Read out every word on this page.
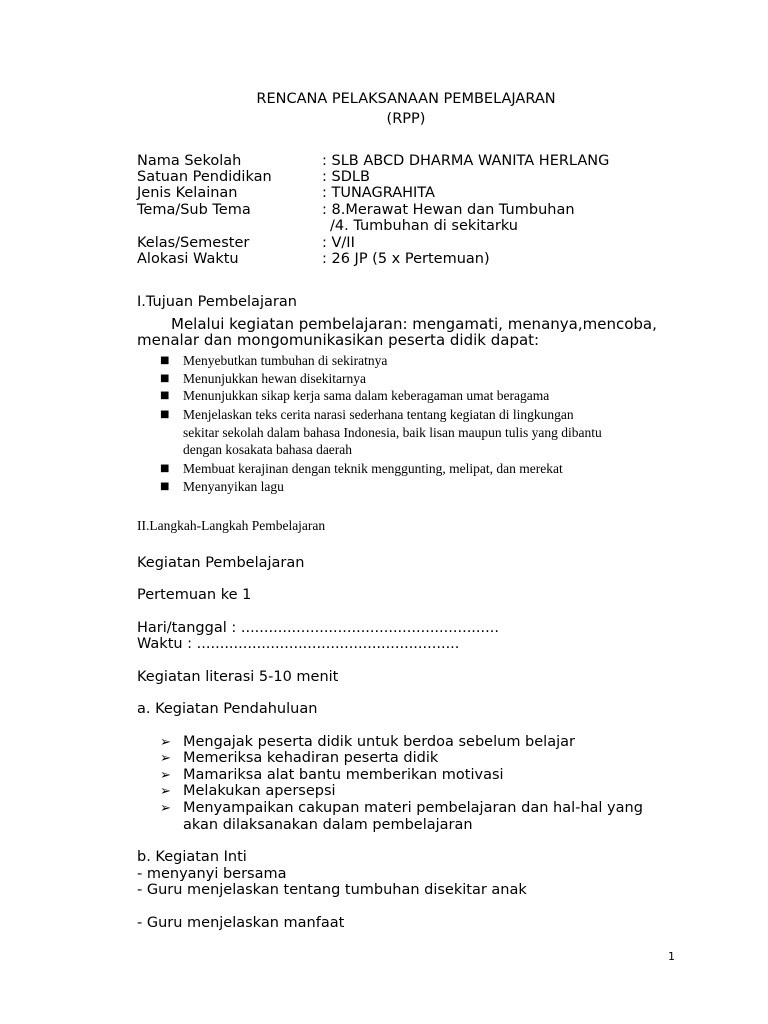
RENCANA PELAKSANAAN PEMBELAJARAN
(RPP)
Nama Sekolah	: SLB ABCD DHARMA WANITA HERLANG
Satuan Pendidikan	: SDLB
Jenis Kelainan	: TUNAGRAHITA
Tema/Sub Tema	: 8.Merawat Hewan dan Tumbuhan
/4. Tumbuhan di sekitarku
Kelas/Semester	: V/II
Alokasi Waktu	: 26 JP (5 x Pertemuan)
I.Tujuan Pembelajaran
Melalui kegiatan pembelajaran: mengamati, menanya,mencoba,
menalar dan mongomunikasikan peserta didik dapat:
■ Menyebutkan tumbuhan di sekiratnya
■ Menunjukkan hewan disekitarnya
■ Menunjukkan sikap kerja sama dalam keberagaman umat beragama
■ Menjelaskan teks cerita narasi sederhana tentang kegiatan di lingkungan
sekitar sekolah dalam bahasa Indonesia, baik lisan maupun tulis yang dibantu
dengan kosakata bahasa daerah
■ Membuat kerajinan dengan teknik menggunting, melipat, dan merekat
■ Menyanyikan lagu
II.Langkah-Langkah Pembelajaran
Kegiatan Pembelajaran
Pertemuan ke 1
Hari/tanggal : ........................................................
Waktu : .........................................................
Kegiatan literasi 5-10 menit
a. Kegiatan Pendahuluan
➢ Mengajak peserta didik untuk berdoa sebelum belajar
➢ Memeriksa kehadiran peserta didik
➢ Mamariksa alat bantu memberikan motivasi
➢ Melakukan apersepsi
➢ Menyampaikan cakupan materi pembelajaran dan hal-hal yang
akan dilaksanakan dalam pembelajaran
b. Kegiatan Inti
- menyanyi bersama
- Guru menjelaskan tentang tumbuhan disekitar anak
- Guru menjelaskan manfaat
1
